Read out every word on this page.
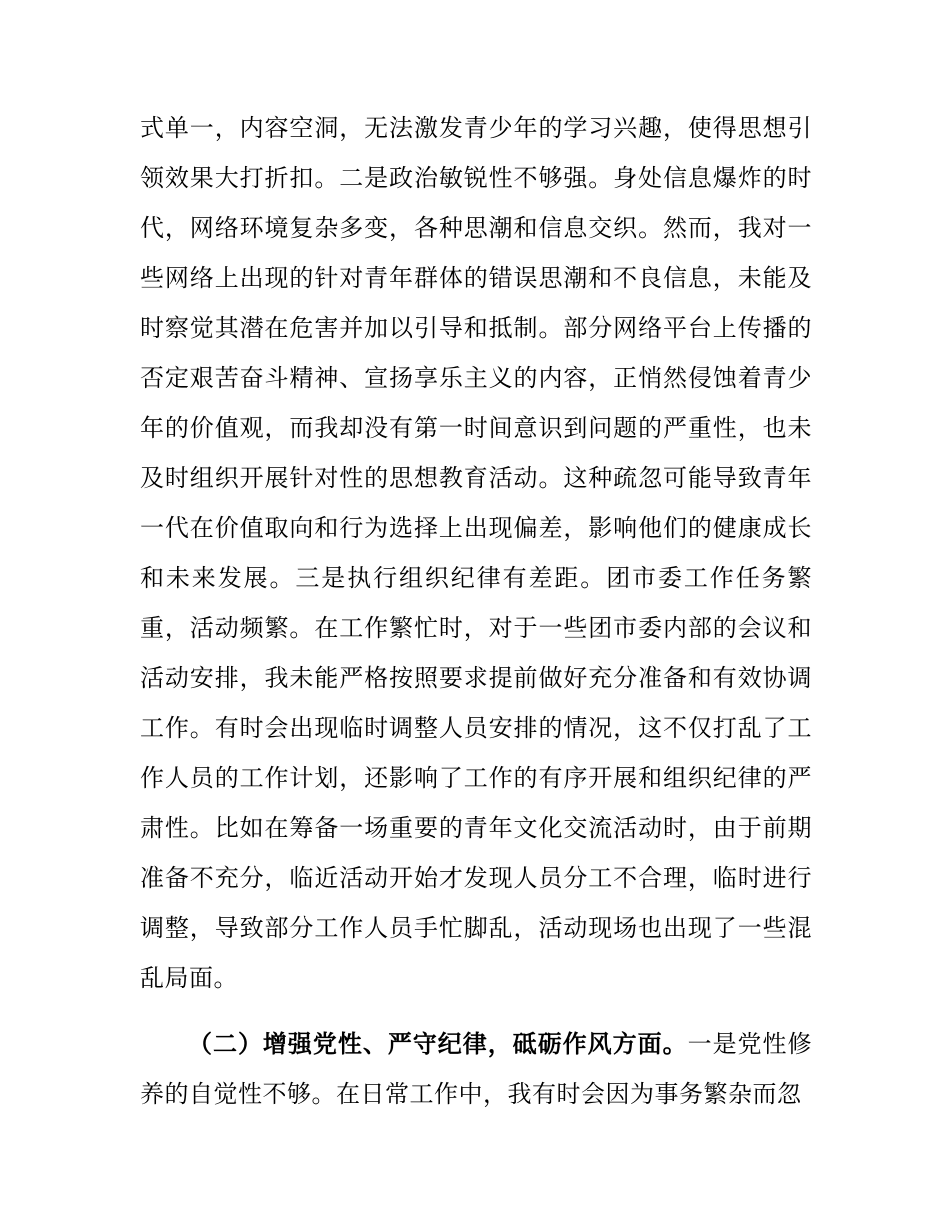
式单一，内容空洞，无法激发青少年的学习兴趣，使得思想引领效果大打折扣。二是政治敏锐性不够强。身处信息爆炸的时代，网络环境复杂多变，各种思潮和信息交织。然而，我对一些网络上出现的针对青年群体的错误思潮和不良信息，未能及时察觉其潜在危害并加以引导和抵制。部分网络平台上传播的否定艰苦奋斗精神、宣扬享乐主义的内容，正悄然侵蚀着青少年的价值观，而我却没有第一时间意识到问题的严重性，也未及时组织开展针对性的思想教育活动。这种疏忽可能导致青年一代在价值取向和行为选择上出现偏差，影响他们的健康成长和未来发展。三是执行组织纪律有差距。团市委工作任务繁重，活动频繁。在工作繁忙时，对于一些团市委内部的会议和活动安排，我未能严格按照要求提前做好充分准备和有效协调工作。有时会出现临时调整人员安排的情况，这不仅打乱了工作人员的工作计划，还影响了工作的有序开展和组织纪律的严肃性。比如在筹备一场重要的青年文化交流活动时，由于前期准备不充分，临近活动开始才发现人员分工不合理，临时进行调整，导致部分工作人员手忙脚乱，活动现场也出现了一些混乱局面。

（二）增强党性、严守纪律，砥砺作风方面。一是党性修养的自觉性不够。在日常工作中，我有时会因为事务繁杂而忽
